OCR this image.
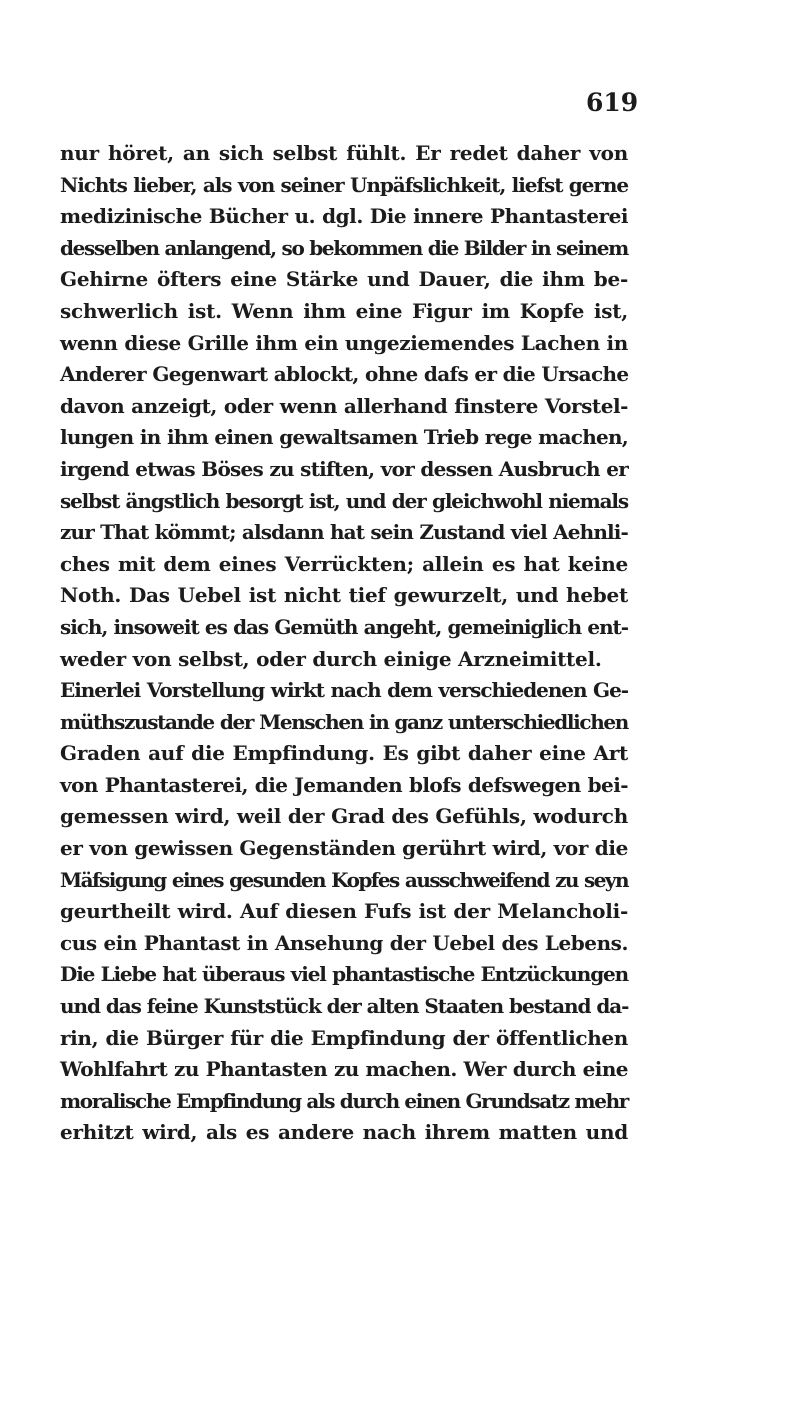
619
nur höret, an sich selbst fühlt. Er redet daher von
Nichts lieber, als von seiner Unpäfslichkeit, liefst gerne
medizinische Bücher u. dgl. Die innere Phantasterei
desselben anlangend, so bekommen die Bilder in seinem
Gehirne öfters eine Stärke und Dauer, die ihm be-
schwerlich ist. Wenn ihm eine Figur im Kopfe ist,
wenn diese Grille ihm ein ungeziemendes Lachen in
Anderer Gegenwart ablockt, ohne dafs er die Ursache
davon anzeigt, oder wenn allerhand finstere Vorstel-
lungen in ihm einen gewaltsamen Trieb rege machen,
irgend etwas Böses zu stiften, vor dessen Ausbruch er
selbst ängstlich besorgt ist, und der gleichwohl niemals
zur That kömmt; alsdann hat sein Zustand viel Aehnli-
ches mit dem eines Verrückten; allein es hat keine
Noth. Das Uebel ist nicht tief gewurzelt, und hebet
sich, insoweit es das Gemüth angeht, gemeiniglich ent-
weder von selbst, oder durch einige Arzneimittel.
Einerlei Vorstellung wirkt nach dem verschiedenen Ge-
müthszustande der Menschen in ganz unterschiedlichen
Graden auf die Empfindung. Es gibt daher eine Art
von Phantasterei, die Jemanden blofs defswegen bei-
gemessen wird, weil der Grad des Gefühls, wodurch
er von gewissen Gegenständen gerührt wird, vor die
Mäfsigung eines gesunden Kopfes ausschweifend zu seyn
geurtheilt wird. Auf diesen Fufs ist der Melancholi-
cus ein Phantast in Ansehung der Uebel des Lebens.
Die Liebe hat überaus viel phantastische Entzückungen
und das feine Kunststück der alten Staaten bestand da-
rin, die Bürger für die Empfindung der öffentlichen
Wohlfahrt zu Phantasten zu machen. Wer durch eine
moralische Empfindung als durch einen Grundsatz mehr
erhitzt wird, als es andere nach ihrem matten und
